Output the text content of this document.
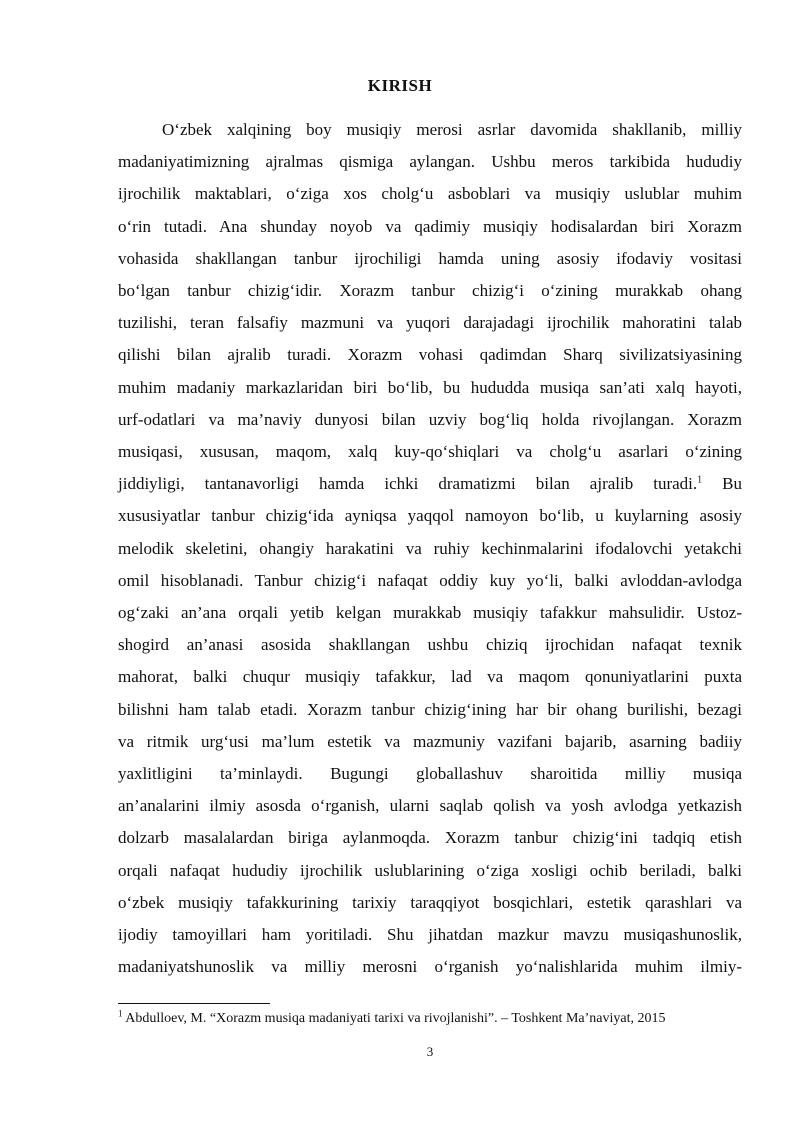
KIRISH
O‘zbek xalqining boy musiqiy merosi asrlar davomida shakllanib, milliy
madaniyatimizning ajralmas qismiga aylangan. Ushbu meros tarkibida hududiy
ijrochilik maktablari, o‘ziga xos cholg‘u asboblari va musiqiy uslublar muhim
o‘rin tutadi. Ana shunday noyob va qadimiy musiqiy hodisalardan biri Xorazm
vohasida shakllangan tanbur ijrochiligi hamda uning asosiy ifodaviy vositasi
bo‘lgan tanbur chizig‘idir. Xorazm tanbur chizig‘i o‘zining murakkab ohang
tuzilishi, teran falsafiy mazmuni va yuqori darajadagi ijrochilik mahoratini talab
qilishi bilan ajralib turadi. Xorazm vohasi qadimdan Sharq sivilizatsiyasining
muhim madaniy markazlaridan biri bo‘lib, bu hududda musiqa san’ati xalq hayoti,
urf-odatlari va ma’naviy dunyosi bilan uzviy bog‘liq holda rivojlangan. Xorazm
musiqasi, xususan, maqom, xalq kuy-qo‘shiqlari va cholg‘u asarlari o‘zining
jiddiyligi, tantanavorligi hamda ichki dramatizmi bilan ajralib turadi.$^1$ Bu
xususiyatlar tanbur chizig‘ida ayniqsa yaqqol namoyon bo‘lib, u kuylarning asosiy
melodik skeletini, ohangiy harakatini va ruhiy kechinmalarini ifodalovchi yetakchi
omil hisoblanadi. Tanbur chizig‘i nafaqat oddiy kuy yo‘li, balki avloddan-avlodga
og‘zaki an’ana orqali yetib kelgan murakkab musiqiy tafakkur mahsulidir. Ustoz-
shogird an’anasi asosida shakllangan ushbu chiziq ijrochidan nafaqat texnik
mahorat, balki chuqur musiqiy tafakkur, lad va maqom qonuniyatlarini puxta
bilishni ham talab etadi. Xorazm tanbur chizig‘ining har bir ohang burilishi, bezagi
va ritmik urg‘usi ma’lum estetik va mazmuniy vazifani bajarib, asarning badiiy
yaxlitligini ta’minlaydi. Bugungi globallashuv sharoitida milliy musiqa
an’analarini ilmiy asosda o‘rganish, ularni saqlab qolish va yosh avlodga yetkazish
dolzarb masalalardan biriga aylanmoqda. Xorazm tanbur chizig‘ini tadqiq etish
orqali nafaqat hududiy ijrochilik uslublarining o‘ziga xosligi ochib beriladi, balki
o‘zbek musiqiy tafakkurining tarixiy taraqqiyot bosqichlari, estetik qarashlari va
ijodiy tamoyillari ham yoritiladi. Shu jihatdan mazkur mavzu musiqashunoslik,
madaniyatshunoslik va milliy merosni o‘rganish yo‘nalishlarida muhim ilmiy-
$^1$ Abdulloev, M. “Xorazm musiqa madaniyati tarixi va rivojlanishi”. – Toshkent Ma’naviyat, 2015
3
